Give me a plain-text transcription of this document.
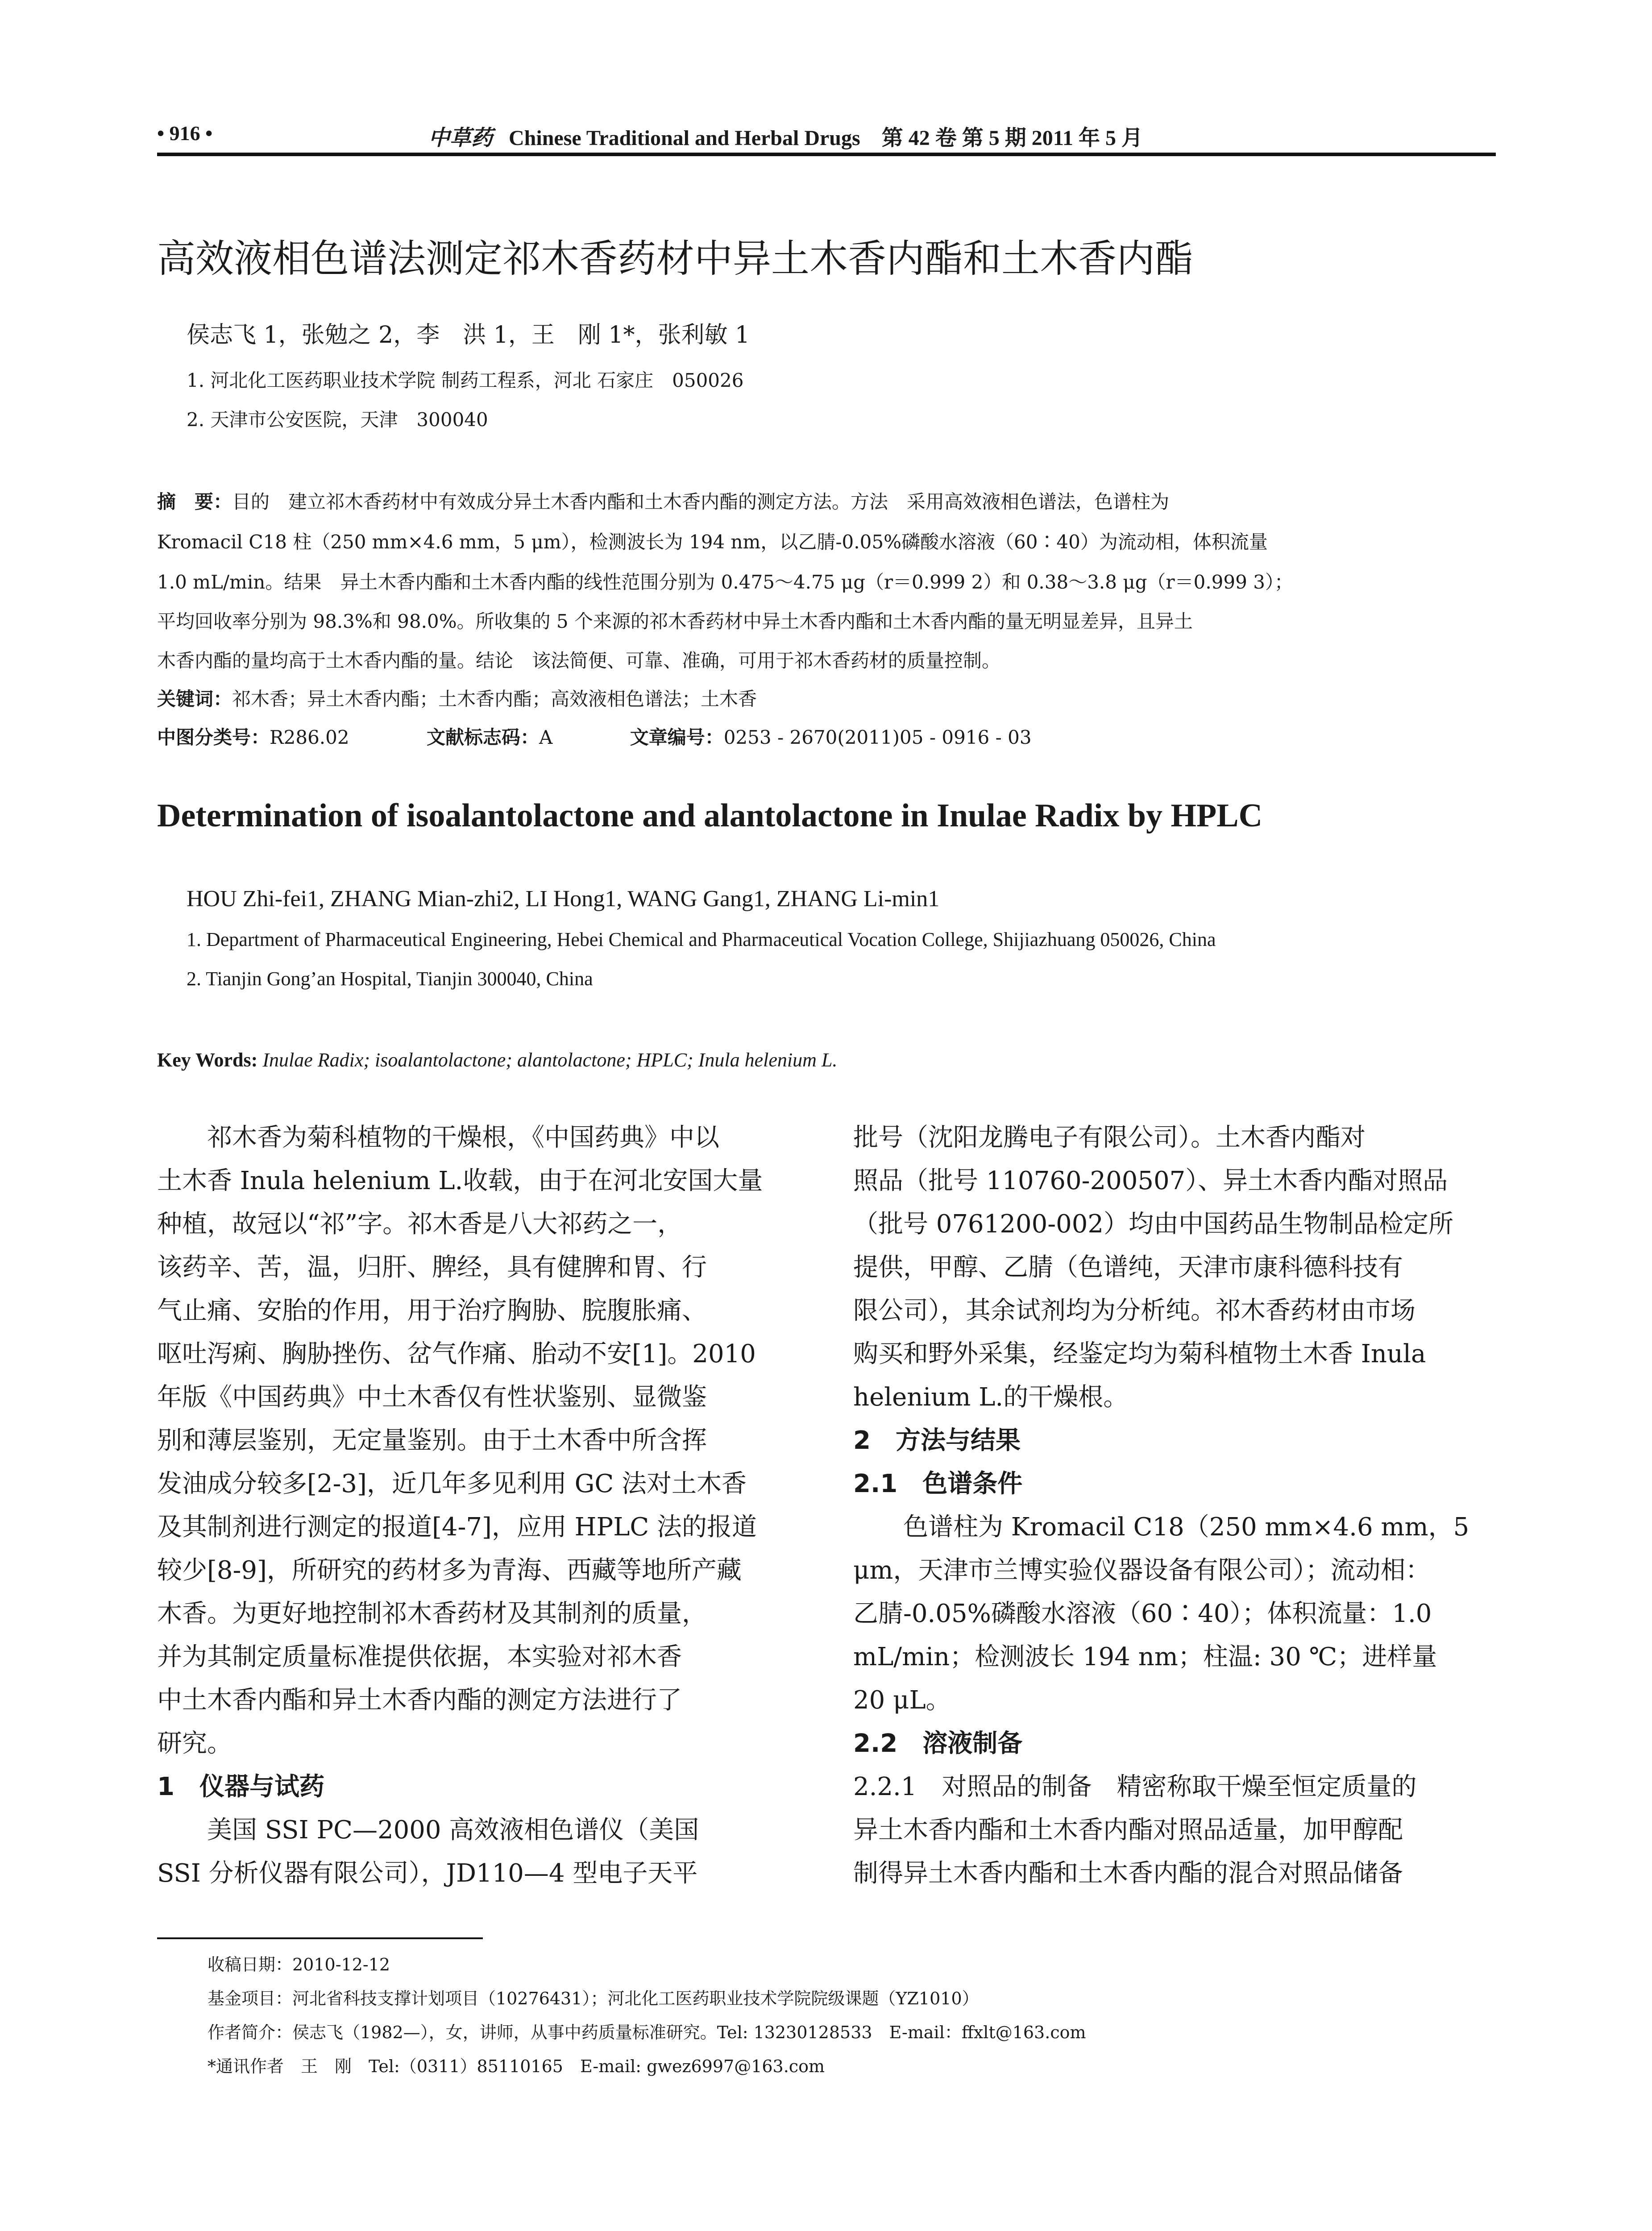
• 916 •	中草药 Chinese Traditional and Herbal Drugs 第 42 卷 第 5 期 2011 年 5 月
高效液相色谱法测定祁木香药材中异土木香内酯和土木香内酯
侯志飞 1，张勉之 2，李　洪 1，王　刚 1*，张利敏 1
1. 河北化工医药职业技术学院 制药工程系，河北 石家庄　050026
2. 天津市公安医院，天津　300040
摘　要：目的　建立祁木香药材中有效成分异土木香内酯和土木香内酯的测定方法。方法　采用高效液相色谱法，色谱柱为
Kromacil C18 柱（250 mm×4.6 mm，5 μm），检测波长为 194 nm，以乙腈-0.05%磷酸水溶液（60∶40）为流动相，体积流量
1.0 mL/min。结果　异土木香内酯和土木香内酯的线性范围分别为 0.475～4.75 μg（r＝0.999 2）和 0.38～3.8 μg（r＝0.999 3）；
平均回收率分别为 98.3%和 98.0%。所收集的 5 个来源的祁木香药材中异土木香内酯和土木香内酯的量无明显差异，且异土
木香内酯的量均高于土木香内酯的量。结论　该法简便、可靠、准确，可用于祁木香药材的质量控制。
关键词：祁木香；异土木香内酯；土木香内酯；高效液相色谱法；土木香
中图分类号：R286.02	文献标志码：A	文章编号：0253 - 2670(2011)05 - 0916 - 03
Determination of isoalantolactone and alantolactone in Inulae Radix by HPLC
HOU Zhi-fei1, ZHANG Mian-zhi2, LI Hong1, WANG Gang1, ZHANG Li-min1
1. Department of Pharmaceutical Engineering, Hebei Chemical and Pharmaceutical Vocation College, Shijiazhuang 050026, China
2. Tianjin Gong’an Hospital, Tianjin 300040, China
Key Words: Inulae Radix; isoalantolactone; alantolactone; HPLC; Inula helenium L.
　　祁木香为菊科植物的干燥根，《中国药典》中以
土木香 Inula helenium L.收载，由于在河北安国大量
种植，故冠以“祁”字。祁木香是八大祁药之一，
该药辛、苦，温，归肝、脾经，具有健脾和胃、行
气止痛、安胎的作用，用于治疗胸胁、脘腹胀痛、
呕吐泻痢、胸胁挫伤、岔气作痛、胎动不安[1]。2010
年版《中国药典》中土木香仅有性状鉴别、显微鉴
别和薄层鉴别，无定量鉴别。由于土木香中所含挥
发油成分较多[2-3]，近几年多见利用 GC 法对土木香
及其制剂进行测定的报道[4-7]，应用 HPLC 法的报道
较少[8-9]，所研究的药材多为青海、西藏等地所产藏
木香。为更好地控制祁木香药材及其制剂的质量，
并为其制定质量标准提供依据，本实验对祁木香
中土木香内酯和异土木香内酯的测定方法进行了
研究。
1　仪器与试药
　　美国 SSI PC—2000 高效液相色谱仪（美国
SSI 分析仪器有限公司），JD110—4 型电子天平
批号（沈阳龙腾电子有限公司）。土木香内酯对
照品（批号 110760-200507）、异土木香内酯对照品
（批号 0761200-002）均由中国药品生物制品检定所
提供，甲醇、乙腈（色谱纯，天津市康科德科技有
限公司），其余试剂均为分析纯。祁木香药材由市场
购买和野外采集，经鉴定均为菊科植物土木香 Inula
helenium L.的干燥根。
2　方法与结果
2.1　色谱条件
　　色谱柱为 Kromacil C18（250 mm×4.6 mm，5
μm，天津市兰博实验仪器设备有限公司）；流动相：
乙腈-0.05%磷酸水溶液（60∶40）；体积流量：1.0
mL/min；检测波长 194 nm；柱温: 30 ℃；进样量
20 μL。
2.2　溶液制备
2.2.1　对照品的制备　精密称取干燥至恒定质量的
异土木香内酯和土木香内酯对照品适量，加甲醇配
制得异土木香内酯和土木香内酯的混合对照品储备
收稿日期：2010-12-12
基金项目：河北省科技支撑计划项目（10276431）；河北化工医药职业技术学院院级课题（YZ1010）
作者简介：侯志飞（1982—），女，讲师，从事中药质量标准研究。Tel: 13230128533　E-mail：ffxlt@163.com
*通讯作者　王　刚　Tel:（0311）85110165　E-mail: gwez6997@163.com
